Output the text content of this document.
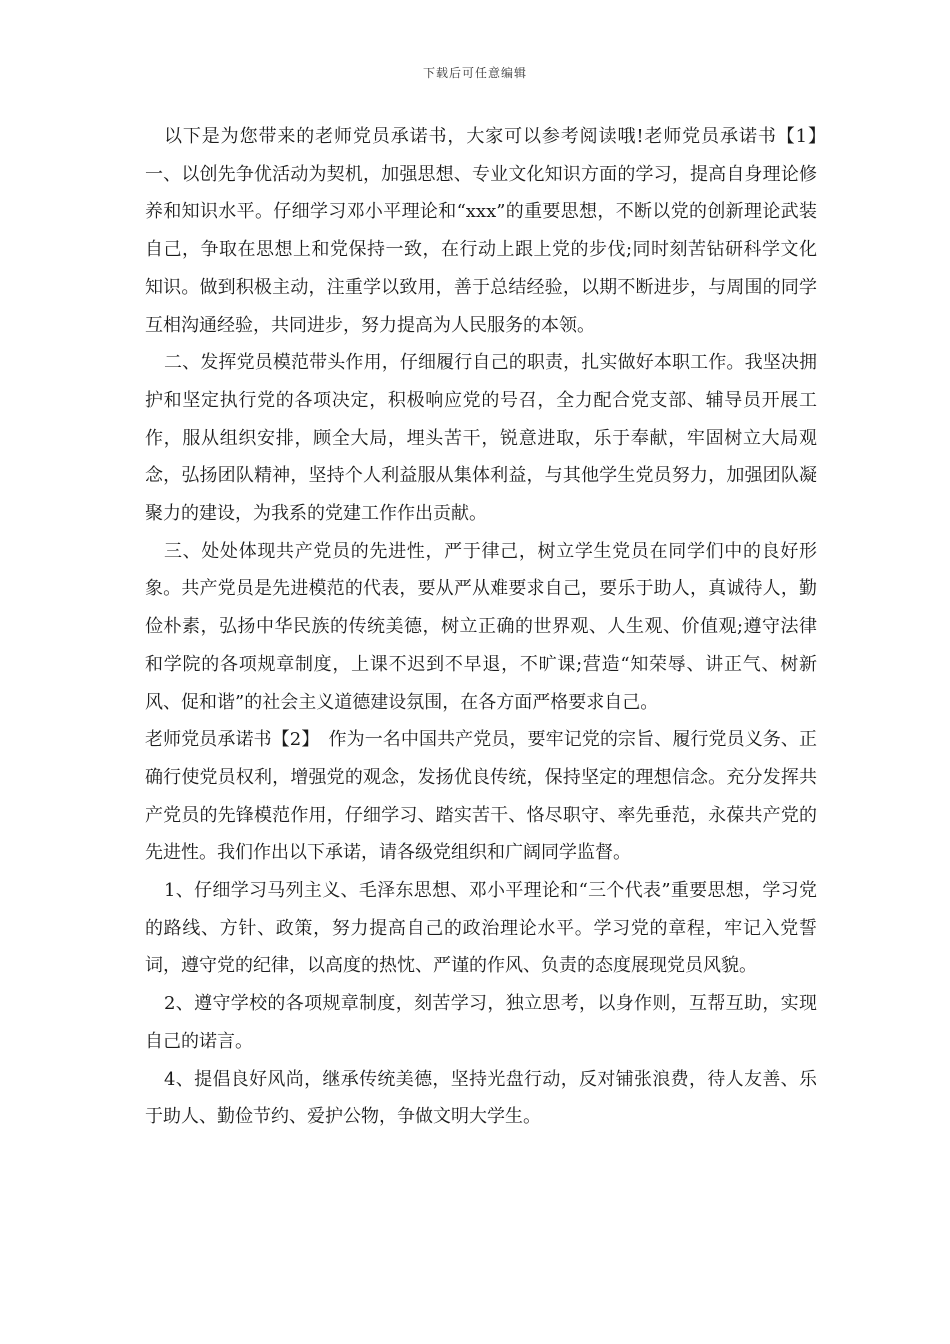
下载后可任意编辑

以下是为您带来的老师党员承诺书，大家可以参考阅读哦!老师党员承诺书【1】　一、以创先争优活动为契机，加强思想、专业文化知识方面的学习，提高自身理论修养和知识水平。仔细学习邓小平理论和“xxx”的重要思想，不断以党的创新理论武装自己，争取在思想上和党保持一致，在行动上跟上党的步伐;同时刻苦钻研科学文化知识。做到积极主动，注重学以致用，善于总结经验，以期不断进步，与周围的同学互相沟通经验，共同进步，努力提高为人民服务的本领。

二、发挥党员模范带头作用，仔细履行自己的职责，扎实做好本职工作。我坚决拥护和坚定执行党的各项决定，积极响应党的号召，全力配合党支部、辅导员开展工作，服从组织安排，顾全大局，埋头苦干，锐意进取，乐于奉献，牢固树立大局观念，弘扬团队精神，坚持个人利益服从集体利益，与其他学生党员努力，加强团队凝聚力的建设，为我系的党建工作作出贡献。

三、处处体现共产党员的先进性，严于律己，树立学生党员在同学们中的良好形象。共产党员是先进模范的代表，要从严从难要求自己，要乐于助人，真诚待人，勤俭朴素，弘扬中华民族的传统美德，树立正确的世界观、人生观、价值观;遵守法律和学院的各项规章制度，上课不迟到不早退，不旷课;营造“知荣辱、讲正气、树新风、促和谐”的社会主义道德建设氛围，在各方面严格要求自己。

老师党员承诺书【2】　作为一名中国共产党员，要牢记党的宗旨、履行党员义务、正确行使党员权利，增强党的观念，发扬优良传统，保持坚定的理想信念。充分发挥共产党员的先锋模范作用，仔细学习、踏实苦干、恪尽职守、率先垂范，永葆共产党的先进性。我们作出以下承诺，请各级党组织和广阔同学监督。

1、仔细学习马列主义、毛泽东思想、邓小平理论和“三个代表”重要思想，学习党的路线、方针、政策，努力提高自己的政治理论水平。学习党的章程，牢记入党誓词，遵守党的纪律，以高度的热忱、严谨的作风、负责的态度展现党员风貌。

2、遵守学校的各项规章制度，刻苦学习，独立思考，以身作则，互帮互助，实现自己的诺言。

4、提倡良好风尚，继承传统美德，坚持光盘行动，反对铺张浪费，待人友善、乐于助人、勤俭节约、爱护公物，争做文明大学生。
